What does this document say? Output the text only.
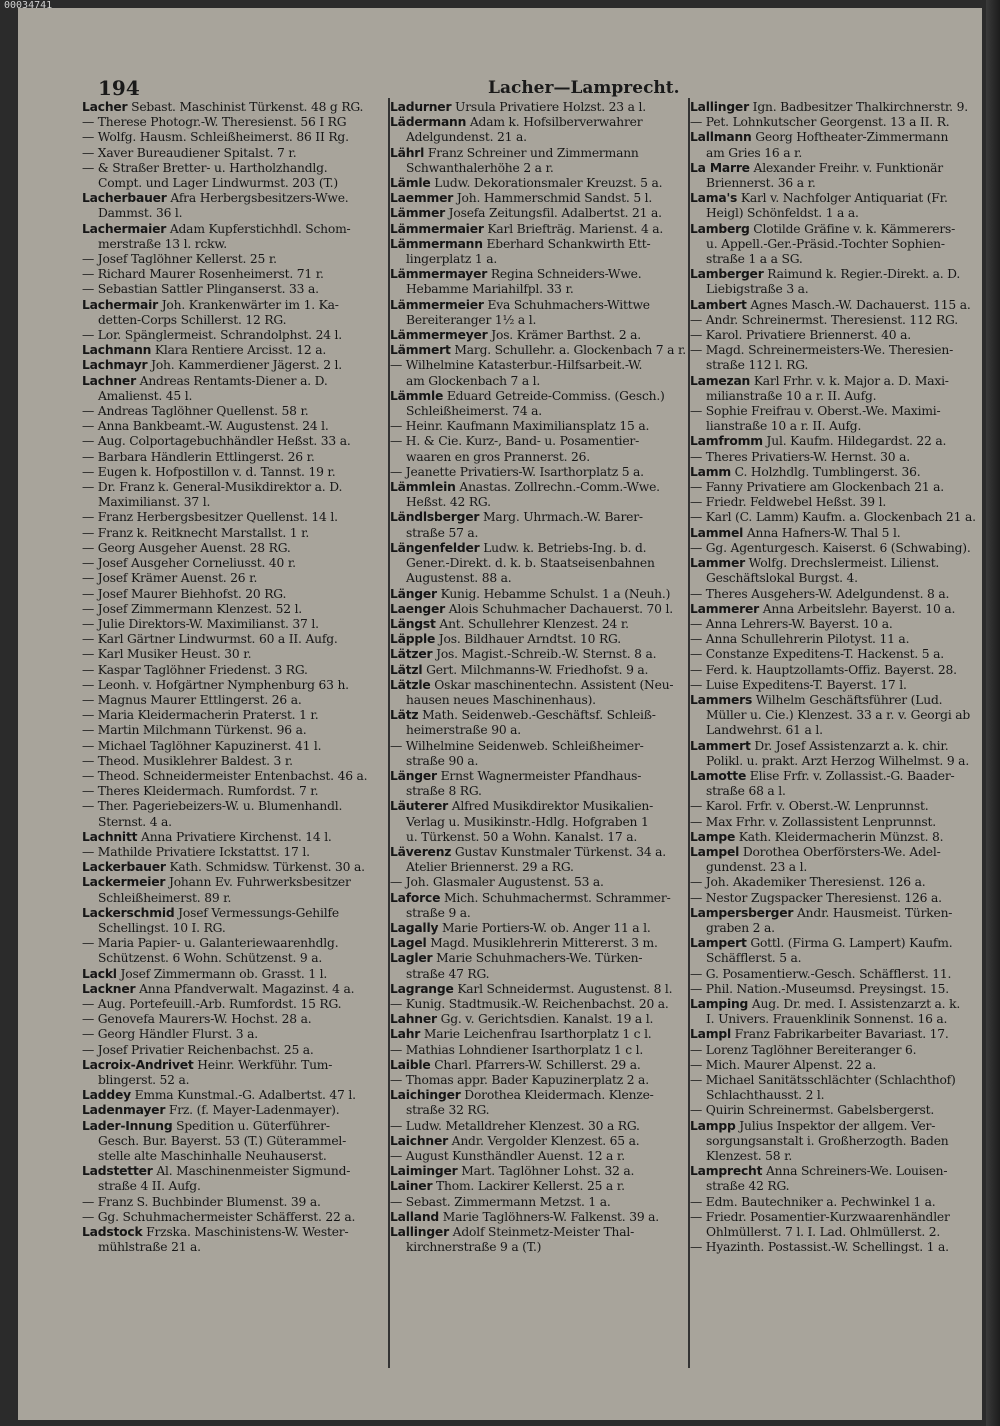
194	Lacher—Lamprecht.
00034741
Lacher Sebast. Maschinist Türkenst. 48 g RG.
— Therese Photogr.-W. Theresienst. 56 I RG
— Wolfg. Hausm. Schleißheimerst. 86 II Rg.
— Xaver Bureaudiener Spitalst. 7 r.
— & Straßer Bretter- u. Hartholzhandlg.
Compt. und Lager Lindwurmst. 203 (T.)
Lacherbauer Afra Herbergsbesitzers-Wwe.
Dammst. 36 l.
Lachermaier Adam Kupferstichhdl. Schom-
merstraße 13 l. rckw.
— Josef Taglöhner Kellerst. 25 r.
— Richard Maurer Rosenheimerst. 71 r.
— Sebastian Sattler Plinganserst. 33 a.
Lachermair Joh. Krankenwärter im 1. Ka-
detten-Corps Schillerst. 12 RG.
— Lor. Spänglermeist. Schrandolphst. 24 l.
Lachmann Klara Rentiere Arcisst. 12 a.
Lachmayr Joh. Kammerdiener Jägerst. 2 l.
Lachner Andreas Rentamts-Diener a. D.
Amalienst. 45 l.
— Andreas Taglöhner Quellenst. 58 r.
— Anna Bankbeamt.-W. Augustenst. 24 l.
— Aug. Colportagebuchhändler Heßst. 33 a.
— Barbara Händlerin Ettlingerst. 26 r.
— Eugen k. Hofpostillon v. d. Tannst. 19 r.
— Dr. Franz k. General-Musikdirektor a. D.
Maximilianst. 37 l.
— Franz Herbergsbesitzer Quellenst. 14 l.
— Franz k. Reitknecht Marstallst. 1 r.
— Georg Ausgeher Auenst. 28 RG.
— Josef Ausgeher Corneliusst. 40 r.
— Josef Krämer Auenst. 26 r.
— Josef Maurer Biehhofst. 20 RG.
— Josef Zimmermann Klenzest. 52 l.
— Julie Direktors-W. Maximilianst. 37 l.
— Karl Gärtner Lindwurmst. 60 a II. Aufg.
— Karl Musiker Heust. 30 r.
— Kaspar Taglöhner Friedenst. 3 RG.
— Leonh. v. Hofgärtner Nymphenburg 63 h.
— Magnus Maurer Ettlingerst. 26 a.
— Maria Kleidermacherin Praterst. 1 r.
— Martin Milchmann Türkenst. 96 a.
— Michael Taglöhner Kapuzinerst. 41 l.
— Theod. Musiklehrer Baldest. 3 r.
— Theod. Schneidermeister Entenbachst. 46 a.
— Theres Kleidermach. Rumfordst. 7 r.
— Ther. Pageriebeizers-W. u. Blumenhandl.
Sternst. 4 a.
Lachnitt Anna Privatiere Kirchenst. 14 l.
— Mathilde Privatiere Ickstattst. 17 l.
Lackerbauer Kath. Schmidsw. Türkenst. 30 a.
Lackermeier Johann Ev. Fuhrwerksbesitzer
Schleißheimerst. 89 r.
Lackerschmid Josef Vermessungs-Gehilfe
Schellingst. 10 I. RG.
— Maria Papier- u. Galanteriewaarenhdlg.
Schützenst. 6 Wohn. Schützenst. 9 a.
Lackl Josef Zimmermann ob. Grasst. 1 l.
Lackner Anna Pfandverwalt. Magazinst. 4 a.
— Aug. Portefeuill.-Arb. Rumfordst. 15 RG.
— Genovefa Maurers-W. Hochst. 28 a.
— Georg Händler Flurst. 3 a.
— Josef Privatier Reichenbachst. 25 a.
Lacroix-Andrivet Heinr. Werkführ. Tum-
blingerst. 52 a.
Laddey Emma Kunstmal.-G. Adalbertst. 47 l.
Ladenmayer Frz. (f. Mayer-Ladenmayer).
Lader-Innung Spedition u. Güterführer-
Gesch. Bur. Bayerst. 53 (T.) Güterammel-
stelle alte Maschinhalle Neuhauserst.
Ladstetter Al. Maschinenmeister Sigmund-
straße 4 II. Aufg.
— Franz S. Buchbinder Blumenst. 39 a.
— Gg. Schuhmachermeister Schäfferst. 22 a.
Ladstock Frzska. Maschinistens-W. Wester-
mühlstraße 21 a.
Ladurner Ursula Privatiere Holzst. 23 a l.
Lädermann Adam k. Hofsilberverwahrer
Adelgundenst. 21 a.
Lährl Franz Schreiner und Zimmermann
Schwanthalerhöhe 2 a r.
Lämle Ludw. Dekorationsmaler Kreuzst. 5 a.
Laemmer Joh. Hammerschmid Sandst. 5 l.
Lämmer Josefa Zeitungsfil. Adalbertst. 21 a.
Lämmermaier Karl Briefträg. Marienst. 4 a.
Lämmermann Eberhard Schankwirth Ett-
lingerplatz 1 a.
Lämmermayer Regina Schneiders-Wwe.
Hebamme Mariahilfpl. 33 r.
Lämmermeier Eva Schuhmachers-Wittwe
Bereiteranger 1½ a l.
Lämmermeyer Jos. Krämer Barthst. 2 a.
Lämmert Marg. Schullehr. a. Glockenbach 7 a r.
— Wilhelmine Katasterbur.-Hilfsarbeit.-W.
am Glockenbach 7 a l.
Lämmle Eduard Getreide-Commiss. (Gesch.)
Schleißheimerst. 74 a.
— Heinr. Kaufmann Maximiliansplatz 15 a.
— H. & Cie. Kurz-, Band- u. Posamentier-
waaren en gros Prannerst. 26.
— Jeanette Privatiers-W. Isarthorplatz 5 a.
Lämmlein Anastas. Zollrechn.-Comm.-Wwe.
Heßst. 42 RG.
Ländlsberger Marg. Uhrmach.-W. Barer-
straße 57 a.
Längenfelder Ludw. k. Betriebs-Ing. b. d.
Gener.-Direkt. d. k. b. Staatseisenbahnen
Augustenst. 88 a.
Länger Kunig. Hebamme Schulst. 1 a (Neuh.)
Laenger Alois Schuhmacher Dachauerst. 70 l.
Längst Ant. Schullehrer Klenzest. 24 r.
Läpple Jos. Bildhauer Arndtst. 10 RG.
Lätzer Jos. Magist.-Schreib.-W. Sternst. 8 a.
Lätzl Gert. Milchmanns-W. Friedhofst. 9 a.
Lätzle Oskar maschinentechn. Assistent (Neu-
hausen neues Maschinenhaus).
Lätz Math. Seidenweb.-Geschäftsf. Schleiß-
heimerstraße 90 a.
— Wilhelmine Seidenweb. Schleißheimer-
straße 90 a.
Länger Ernst Wagnermeister Pfandhaus-
straße 8 RG.
Läuterer Alfred Musikdirektor Musikalien-
Verlag u. Musikinstr.-Hdlg. Hofgraben 1
u. Türkenst. 50 a Wohn. Kanalst. 17 a.
Läverenz Gustav Kunstmaler Türkenst. 34 a.
Atelier Briennerst. 29 a RG.
— Joh. Glasmaler Augustenst. 53 a.
Laforce Mich. Schuhmachermst. Schrammer-
straße 9 a.
Lagally Marie Portiers-W. ob. Anger 11 a l.
Lagel Magd. Musiklehrerin Mittererst. 3 m.
Lagler Marie Schuhmachers-We. Türken-
straße 47 RG.
Lagrange Karl Schneidermst. Augustenst. 8 l.
— Kunig. Stadtmusik.-W. Reichenbachst. 20 a.
Lahner Gg. v. Gerichtsdien. Kanalst. 19 a l.
Lahr Marie Leichenfrau Isarthorplatz 1 c l.
— Mathias Lohndiener Isarthorplatz 1 c l.
Laible Charl. Pfarrers-W. Schillerst. 29 a.
— Thomas appr. Bader Kapuzinerplatz 2 a.
Laichinger Dorothea Kleidermach. Klenze-
straße 32 RG.
— Ludw. Metalldreher Klenzest. 30 a RG.
Laichner Andr. Vergolder Klenzest. 65 a.
— August Kunsthändler Auenst. 12 a r.
Laiminger Mart. Taglöhner Lohst. 32 a.
Lainer Thom. Lackirer Kellerst. 25 a r.
— Sebast. Zimmermann Metzst. 1 a.
Lalland Marie Taglöhners-W. Falkenst. 39 a.
Lallinger Adolf Steinmetz-Meister Thal-
kirchnerstraße 9 a (T.)
Lallinger Ign. Badbesitzer Thalkirchnerstr. 9.
— Pet. Lohnkutscher Georgenst. 13 a II. R.
Lallmann Georg Hoftheater-Zimmermann
am Gries 16 a r.
La Marre Alexander Freihr. v. Funktionär
Briennerst. 36 a r.
Lama's Karl v. Nachfolger Antiquariat (Fr.
Heigl) Schönfeldst. 1 a a.
Lamberg Clotilde Gräfine v. k. Kämmerers-
u. Appell.-Ger.-Präsid.-Tochter Sophien-
straße 1 a a SG.
Lamberger Raimund k. Regier.-Direkt. a. D.
Liebigstraße 3 a.
Lambert Agnes Masch.-W. Dachauerst. 115 a.
— Andr. Schreinermst. Theresienst. 112 RG.
— Karol. Privatiere Briennerst. 40 a.
— Magd. Schreinermeisters-We. Theresien-
straße 112 l. RG.
Lamezan Karl Frhr. v. k. Major a. D. Maxi-
milianstraße 10 a r. II. Aufg.
— Sophie Freifrau v. Oberst.-We. Maximi-
lianstraße 10 a r. II. Aufg.
Lamfromm Jul. Kaufm. Hildegardst. 22 a.
— Theres Privatiers-W. Hernst. 30 a.
Lamm C. Holzhdlg. Tumblingerst. 36.
— Fanny Privatiere am Glockenbach 21 a.
— Friedr. Feldwebel Heßst. 39 l.
— Karl (C. Lamm) Kaufm. a. Glockenbach 21 a.
Lammel Anna Hafners-W. Thal 5 l.
— Gg. Agenturgesch. Kaiserst. 6 (Schwabing).
Lammer Wolfg. Drechslermeist. Lilienst.
Geschäftslokal Burgst. 4.
— Theres Ausgehers-W. Adelgundenst. 8 a.
Lammerer Anna Arbeitslehr. Bayerst. 10 a.
— Anna Lehrers-W. Bayerst. 10 a.
— Anna Schullehrerin Pilotyst. 11 a.
— Constanze Expeditens-T. Hackenst. 5 a.
— Ferd. k. Hauptzollamts-Offiz. Bayerst. 28.
— Luise Expeditens-T. Bayerst. 17 l.
Lammers Wilhelm Geschäftsführer (Lud.
Müller u. Cie.) Klenzest. 33 a r. v. Georgi ab
Landwehrst. 61 a l.
Lammert Dr. Josef Assistenzarzt a. k. chir.
Polikl. u. prakt. Arzt Herzog Wilhelmst. 9 a.
Lamotte Elise Frfr. v. Zollassist.-G. Baader-
straße 68 a l.
— Karol. Frfr. v. Oberst.-W. Lenprunnst.
— Max Frhr. v. Zollassistent Lenprunnst.
Lampe Kath. Kleidermacherin Münzst. 8.
Lampel Dorothea Oberförsters-We. Adel-
gundenst. 23 a l.
— Joh. Akademiker Theresienst. 126 a.
— Nestor Zugspacker Theresienst. 126 a.
Lampersberger Andr. Hausmeist. Türken-
graben 2 a.
Lampert Gottl. (Firma G. Lampert) Kaufm.
Schäfflerst. 5 a.
— G. Posamentierw.-Gesch. Schäfflerst. 11.
— Phil. Nation.-Museumsd. Preysingst. 15.
Lamping Aug. Dr. med. I. Assistenzarzt a. k.
I. Univers. Frauenklinik Sonnenst. 16 a.
Lampl Franz Fabrikarbeiter Bavariast. 17.
— Lorenz Taglöhner Bereiteranger 6.
— Mich. Maurer Alpenst. 22 a.
— Michael Sanitätsschlächter (Schlachthof)
Schlachthausst. 2 l.
— Quirin Schreinermst. Gabelsbergerst.
Lampp Julius Inspektor der allgem. Ver-
sorgungsanstalt i. Großherzogth. Baden
Klenzest. 58 r.
Lamprecht Anna Schreiners-We. Louisen-
straße 42 RG.
— Edm. Bautechniker a. Pechwinkel 1 a.
— Friedr. Posamentier-Kurzwaarenhändler
Ohlmüllerst. 7 l. I. Lad. Ohlmüllerst. 2.
— Hyazinth. Postassist.-W. Schellingst. 1 a.
